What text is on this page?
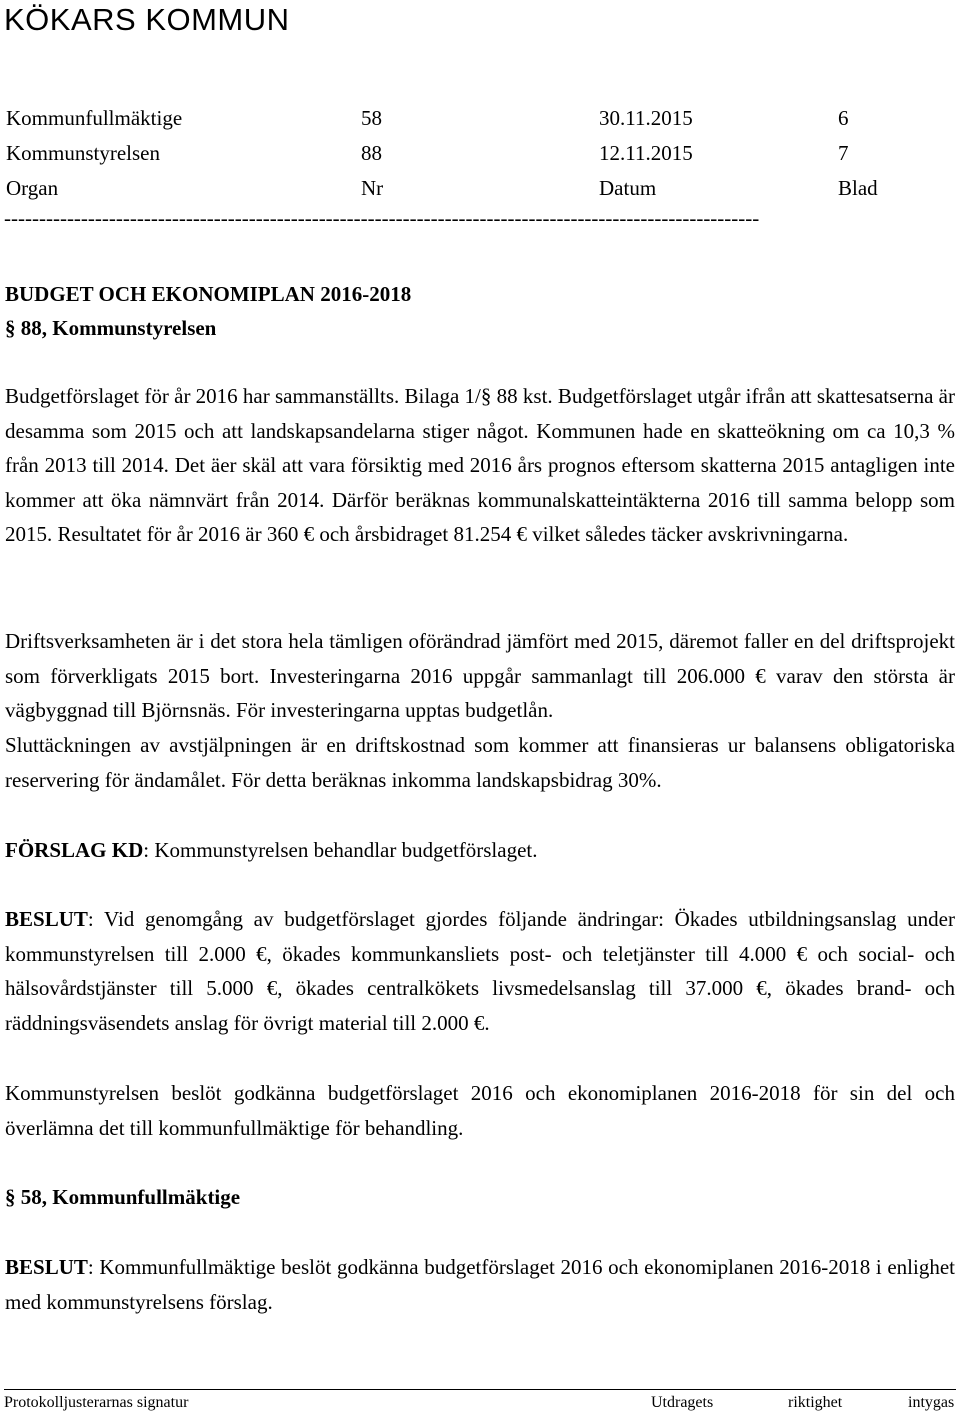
KÖKARS KOMMUN
Kommunfullmäktige	58	30.11.2015	6
Kommunstyrelsen	88	12.11.2015	7
Organ	Nr	Datum	Blad
------------------------------------------------------------------------------------------------------------
BUDGET OCH EKONOMIPLAN 2016-2018
§ 88, Kommunstyrelsen
Budgetförslaget för år 2016 har sammanställts. Bilaga 1/§ 88 kst. Budgetförslaget utgår ifrån att skattesatserna är desamma som 2015 och att landskapsandelarna stiger något. Kommunen hade en skatteökning om ca 10,3 % från 2013 till 2014. Det äer skäl att vara försiktig med 2016 års prognos eftersom skatterna 2015 antagligen inte kommer att öka nämnvärt från 2014. Därför beräknas kommunalskatteintäkterna 2016 till samma belopp som 2015. Resultatet för år 2016 är 360 € och årsbidraget 81.254 € vilket således täcker avskrivningarna.
Driftsverksamheten är i det stora hela tämligen oförändrad jämfört med 2015, däremot faller en del driftsprojekt som förverkligats 2015 bort. Investeringarna 2016 uppgår sammanlagt till 206.000 € varav den största är vägbyggnad till Björnsnäs. För investeringarna upptas budgetlån.
Sluttäckningen av avstjälpningen är en driftskostnad som kommer att finansieras ur balansens obligatoriska reservering för ändamålet. För detta beräknas inkomma landskapsbidrag 30%.
FÖRSLAG KD: Kommunstyrelsen behandlar budgetförslaget.
BESLUT: Vid genomgång av budgetförslaget gjordes följande ändringar: Ökades utbildningsanslag under kommunstyrelsen till 2.000 €, ökades kommunkansliets post- och teletjänster till 4.000 € och social- och hälsovårdstjänster till 5.000 €, ökades centralkökets livsmedelsanslag till 37.000 €, ökades brand- och räddningsväsendets anslag för övrigt material till 2.000 €.
Kommunstyrelsen beslöt godkänna budgetförslaget 2016 och ekonomiplanen 2016-2018 för sin del och överlämna det till kommunfullmäktige för behandling.
§ 58, Kommunfullmäktige
BESLUT: Kommunfullmäktige beslöt godkänna budgetförslaget 2016 och ekonomiplanen 2016-2018 i enlighet med kommunstyrelsens förslag.
Protokolljusterarnas signatur	Utdragets	riktighet	intygas
